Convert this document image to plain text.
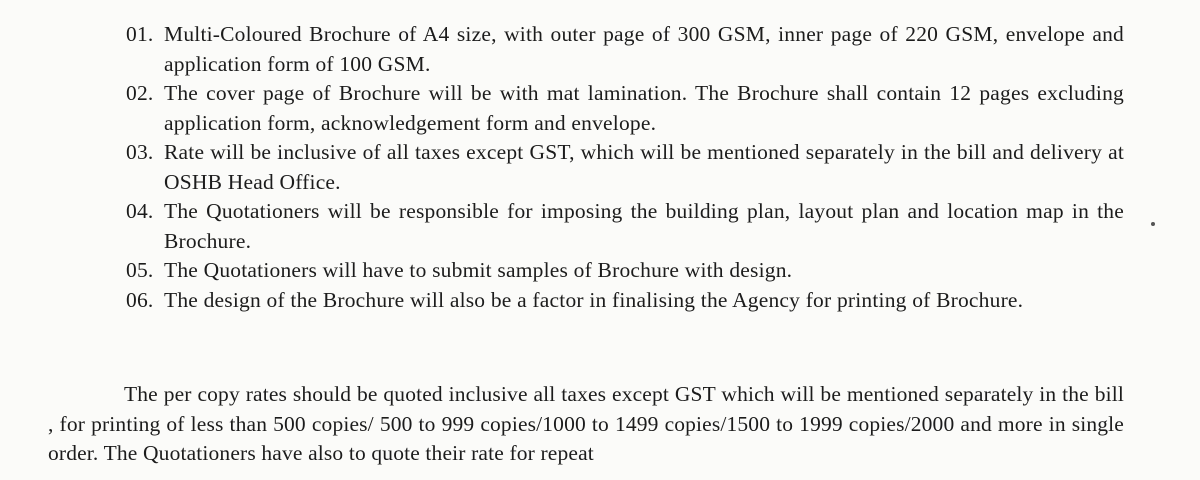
01. Multi-Coloured Brochure of A4 size, with outer page of 300 GSM, inner page of 220 GSM, envelope and application form of 100 GSM.
02. The cover page of Brochure will be with mat lamination. The Brochure shall contain 12 pages excluding application form, acknowledgement form and envelope.
03. Rate will be inclusive of all taxes except GST, which will be mentioned separately in the bill and delivery at OSHB Head Office.
04. The Quotationers will be responsible for imposing the building plan, layout plan and location map in the Brochure.
05. The Quotationers will have to submit samples of Brochure with design.
06. The design of the Brochure will also be a factor in finalising the Agency for printing of Brochure.

The per copy rates should be quoted inclusive all taxes except GST which will be mentioned separately in the bill , for printing of less than 500 copies/ 500 to 999 copies/1000 to 1499 copies/1500 to 1999 copies/2000 and more in single order. The Quotationers have also to quote their rate for repeat
